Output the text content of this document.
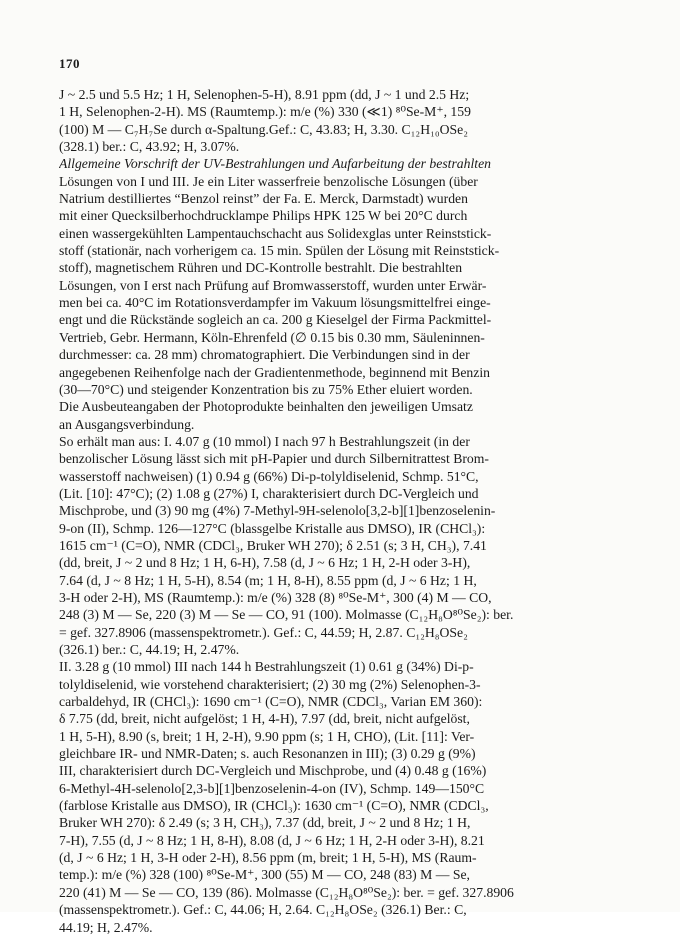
170
J ~ 2.5 und 5.5 Hz; 1 H, Selenophen-5-H), 8.91 ppm (dd, J ~ 1 und 2.5 Hz;
1 H, Selenophen-2-H). MS (Raumtemp.): m/e (%) 330 (≪1) ⁸⁰Se-M⁺, 159
(100) M — C₇H₇Se durch α-Spaltung.Gef.: C, 43.83; H, 3.30. C₁₂H₁₀OSe₂
(328.1) ber.: C, 43.92; H, 3.07%.
Allgemeine Vorschrift der UV-Bestrahlungen und Aufarbeitung der bestrahlten
Lösungen von I und III. Je ein Liter wasserfreie benzolische Lösungen (über
Natrium destilliertes “Benzol reinst” der Fa. E. Merck, Darmstadt) wurden
mit einer Quecksilberhochdrucklampe Philips HPK 125 W bei 20°C durch
einen wassergekühlten Lampentauchschacht aus Solidexglas unter Reinststick-
stoff (stationär, nach vorherigem ca. 15 min. Spülen der Lösung mit Reinststick-
stoff), magnetischem Rühren und DC-Kontrolle bestrahlt. Die bestrahlten
Lösungen, von I erst nach Prüfung auf Bromwasserstoff, wurden unter Erwär-
men bei ca. 40°C im Rotationsverdampfer im Vakuum lösungsmittelfrei einge-
engt und die Rückstände sogleich an ca. 200 g Kieselgel der Firma Packmittel-
Vertrieb, Gebr. Hermann, Köln-Ehrenfeld (∅ 0.15 bis 0.30 mm, Säuleninnen-
durchmesser: ca. 28 mm) chromatographiert. Die Verbindungen sind in der
angegebenen Reihenfolge nach der Gradientenmethode, beginnend mit Benzin
(30—70°C) und steigender Konzentration bis zu 75% Ether eluiert worden.
Die Ausbeuteangaben der Photoprodukte beinhalten den jeweiligen Umsatz
an Ausgangsverbindung.
So erhält man aus: I. 4.07 g (10 mmol) I nach 97 h Bestrahlungszeit (in der
benzolischer Lösung lässt sich mit pH-Papier und durch Silbernitrattest Brom-
wasserstoff nachweisen) (1) 0.94 g (66%) Di-p-tolyldiselenid, Schmp. 51°C,
(Lit. [10]: 47°C); (2) 1.08 g (27%) I, charakterisiert durch DC-Vergleich und
Mischprobe, und (3) 90 mg (4%) 7-Methyl-9H-selenolo[3,2-b][1]benzoselenin-
9-on (II), Schmp. 126—127°C (blassgelbe Kristalle aus DMSO), IR (CHCl₃):
1615 cm⁻¹ (C=O), NMR (CDCl₃, Bruker WH 270); δ 2.51 (s; 3 H, CH₃), 7.41
(dd, breit, J ~ 2 und 8 Hz; 1 H, 6-H), 7.58 (d, J ~ 6 Hz; 1 H, 2-H oder 3-H),
7.64 (d, J ~ 8 Hz; 1 H, 5-H), 8.54 (m; 1 H, 8-H), 8.55 ppm (d, J ~ 6 Hz; 1 H,
3-H oder 2-H), MS (Raumtemp.): m/e (%) 328 (8) ⁸⁰Se-M⁺, 300 (4) M — CO,
248 (3) M — Se, 220 (3) M — Se — CO, 91 (100). Molmasse (C₁₂H₈O⁸⁰Se₂): ber.
= gef. 327.8906 (massenspektrometr.). Gef.: C, 44.59; H, 2.87. C₁₂H₈OSe₂
(326.1) ber.: C, 44.19; H, 2.47%.
II. 3.28 g (10 mmol) III nach 144 h Bestrahlungszeit (1) 0.61 g (34%) Di-p-
tolyldiselenid, wie vorstehend charakterisiert; (2) 30 mg (2%) Selenophen-3-
carbaldehyd, IR (CHCl₃): 1690 cm⁻¹ (C=O), NMR (CDCl₃, Varian EM 360):
δ 7.75 (dd, breit, nicht aufgelöst; 1 H, 4-H), 7.97 (dd, breit, nicht aufgelöst,
1 H, 5-H), 8.90 (s, breit; 1 H, 2-H), 9.90 ppm (s; 1 H, CHO), (Lit. [11]: Ver-
gleichbare IR- und NMR-Daten; s. auch Resonanzen in III); (3) 0.29 g (9%)
III, charakterisiert durch DC-Vergleich und Mischprobe, und (4) 0.48 g (16%)
6-Methyl-4H-selenolo[2,3-b][1]benzoselenin-4-on (IV), Schmp. 149—150°C
(farblose Kristalle aus DMSO), IR (CHCl₃): 1630 cm⁻¹ (C=O), NMR (CDCl₃,
Bruker WH 270): δ 2.49 (s; 3 H, CH₃), 7.37 (dd, breit, J ~ 2 und 8 Hz; 1 H,
7-H), 7.55 (d, J ~ 8 Hz; 1 H, 8-H), 8.08 (d, J ~ 6 Hz; 1 H, 2-H oder 3-H), 8.21
(d, J ~ 6 Hz; 1 H, 3-H oder 2-H), 8.56 ppm (m, breit; 1 H, 5-H), MS (Raum-
temp.): m/e (%) 328 (100) ⁸⁰Se-M⁺, 300 (55) M — CO, 248 (83) M — Se,
220 (41) M — Se — CO, 139 (86). Molmasse (C₁₂H₈O⁸⁰Se₂): ber. = gef. 327.8906
(massenspektrometr.). Gef.: C, 44.06; H, 2.64. C₁₂H₈OSe₂ (326.1) Ber.: C,
44.19; H, 2.47%.
